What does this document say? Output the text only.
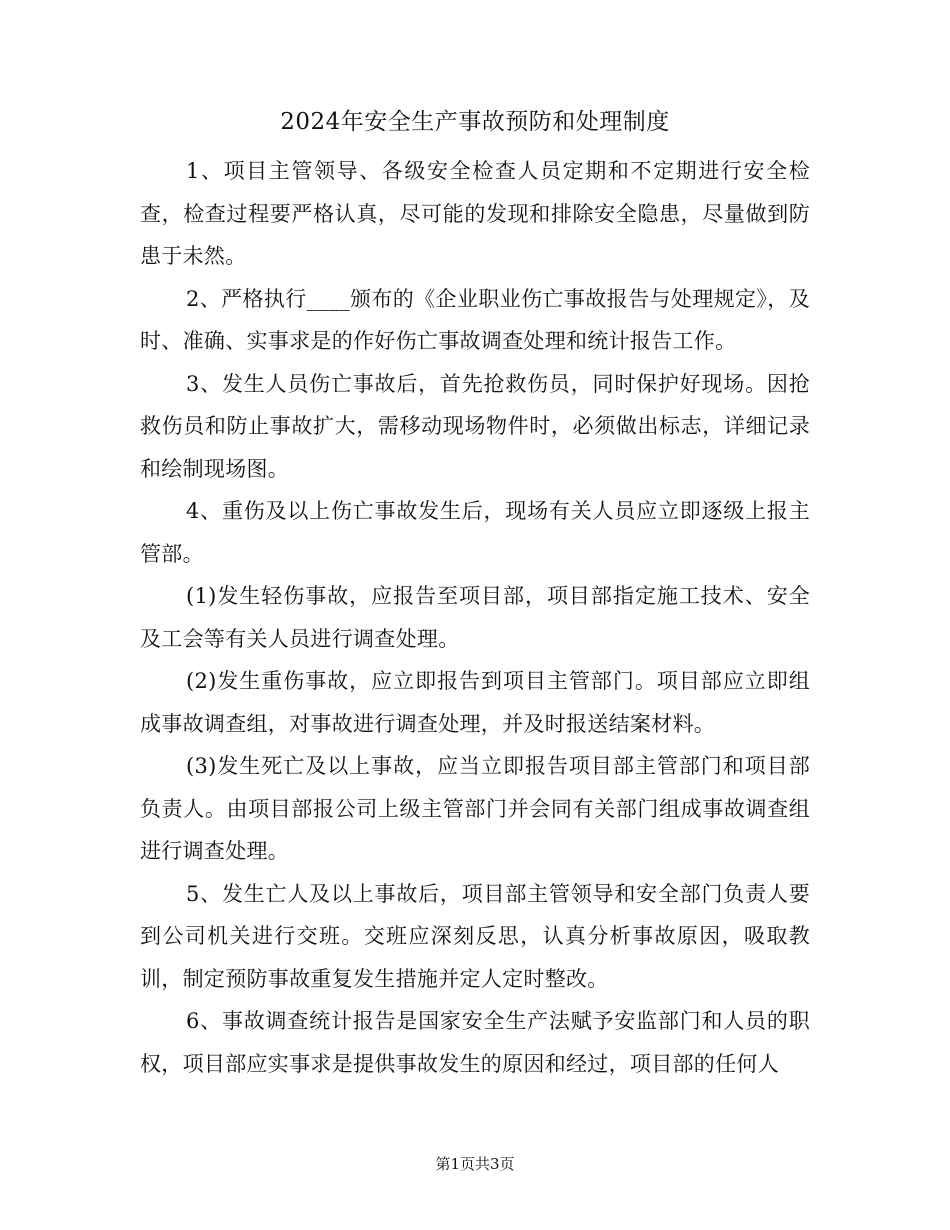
2024年安全生产事故预防和处理制度

1、项目主管领导、各级安全检查人员定期和不定期进行安全检查，检查过程要严格认真，尽可能的发现和排除安全隐患，尽量做到防患于未然。

2、严格执行____颁布的《企业职业伤亡事故报告与处理规定》，及时、准确、实事求是的作好伤亡事故调查处理和统计报告工作。

3、发生人员伤亡事故后，首先抢救伤员，同时保护好现场。因抢救伤员和防止事故扩大，需移动现场物件时，必须做出标志，详细记录和绘制现场图。

4、重伤及以上伤亡事故发生后，现场有关人员应立即逐级上报主管部。

(1)发生轻伤事故，应报告至项目部，项目部指定施工技术、安全及工会等有关人员进行调查处理。

(2)发生重伤事故，应立即报告到项目主管部门。项目部应立即组成事故调查组，对事故进行调查处理，并及时报送结案材料。

(3)发生死亡及以上事故，应当立即报告项目部主管部门和项目部负责人。由项目部报公司上级主管部门并会同有关部门组成事故调查组进行调查处理。

5、发生亡人及以上事故后，项目部主管领导和安全部门负责人要到公司机关进行交班。交班应深刻反思，认真分析事故原因，吸取教训，制定预防事故重复发生措施并定人定时整改。

6、事故调查统计报告是国家安全生产法赋予安监部门和人员的职权，项目部应实事求是提供事故发生的原因和经过，项目部的任何人

第1页共3页
